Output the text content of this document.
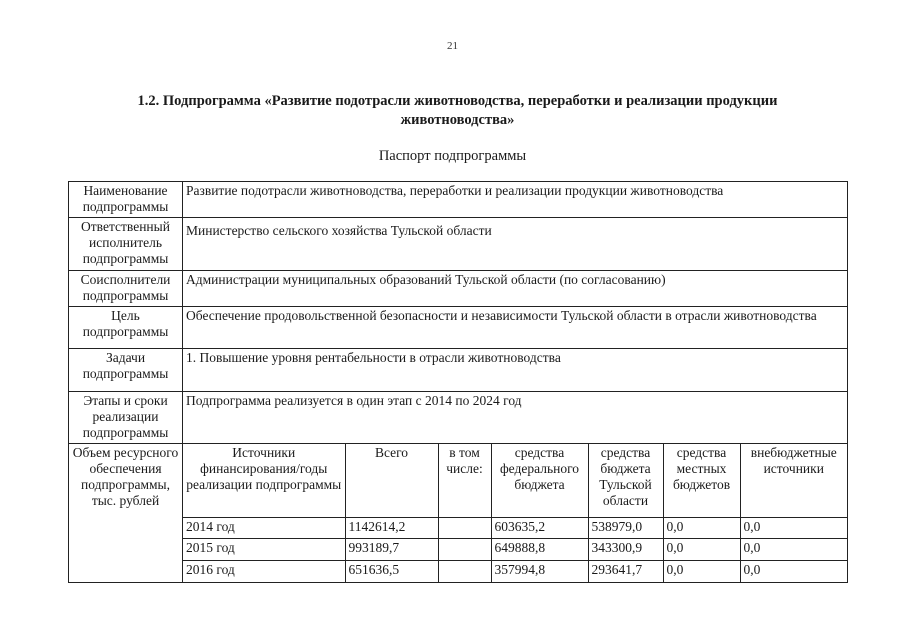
21
1.2. Подпрограмма «Развитие подотрасли животноводства, переработки и реализации продукции
животноводства»
Паспорт подпрограммы
Наименование подпрограммы	Развитие подотрасли животноводства, переработки и реализации продукции животноводства
Ответственный исполнитель подпрограммы	Министерство сельского хозяйства Тульской области
Соисполнители подпрограммы	Администрации муниципальных образований Тульской области (по согласованию)
Цель подпрограммы	Обеспечение продовольственной безопасности и независимости Тульской области в отрасли животноводства
Задачи подпрограммы	1. Повышение уровня рентабельности в отрасли животноводства
Этапы и сроки реализации подпрограммы	Подпрограмма реализуется в один этап с 2014 по 2024 год
Объем ресурсного обеспечения подпрограммы, тыс. рублей	
Источники финансирования/годы реализации подпрограммы	Всего	в том числе:	средства федерального бюджета	средства бюджета Тульской области	средства местных бюджетов	внебюджетные источники
2014 год	1142614,2		603635,2	538979,0	0,0	0,0
2015 год	993189,7		649888,8	343300,9	0,0	0,0
2016 год	651636,5		357994,8	293641,7	0,0	0,0
